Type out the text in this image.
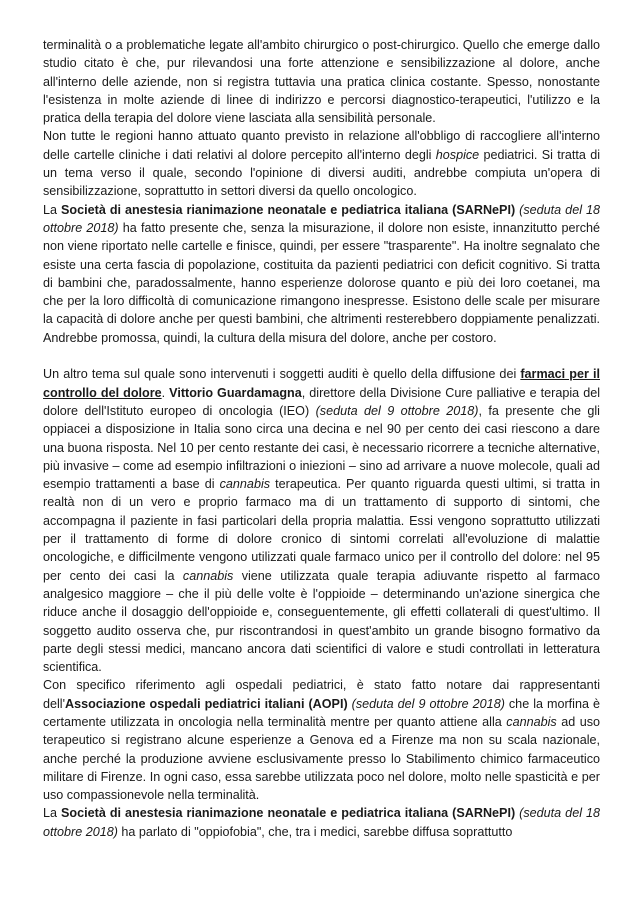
terminalità o a problematiche legate all'ambito chirurgico o post-chirurgico. Quello che emerge dallo studio citato è che, pur rilevandosi una forte attenzione e sensibilizzazione al dolore, anche all'interno delle aziende, non si registra tuttavia una pratica clinica costante. Spesso, nonostante l'esistenza in molte aziende di linee di indirizzo e percorsi diagnostico-terapeutici, l'utilizzo e la pratica della terapia del dolore viene lasciata alla sensibilità personale.

Non tutte le regioni hanno attuato quanto previsto in relazione all'obbligo di raccogliere all'interno delle cartelle cliniche i dati relativi al dolore percepito all'interno degli hospice pediatrici. Si tratta di un tema verso il quale, secondo l'opinione di diversi auditi, andrebbe compiuta un'opera di sensibilizzazione, soprattutto in settori diversi da quello oncologico.

La Società di anestesia rianimazione neonatale e pediatrica italiana (SARNePI) (seduta del 18 ottobre 2018) ha fatto presente che, senza la misurazione, il dolore non esiste, innanzitutto perché non viene riportato nelle cartelle e finisce, quindi, per essere "trasparente". Ha inoltre segnalato che esiste una certa fascia di popolazione, costituita da pazienti pediatrici con deficit cognitivo. Si tratta di bambini che, paradossalmente, hanno esperienze dolorose quanto e più dei loro coetanei, ma che per la loro difficoltà di comunicazione rimangono inespresse. Esistono delle scale per misurare la capacità di dolore anche per questi bambini, che altrimenti resterebbero doppiamente penalizzati. Andrebbe promossa, quindi, la cultura della misura del dolore, anche per costoro.

Un altro tema sul quale sono intervenuti i soggetti auditi è quello della diffusione dei farmaci per il controllo del dolore. Vittorio Guardamagna, direttore della Divisione Cure palliative e terapia del dolore dell'Istituto europeo di oncologia (IEO) (seduta del 9 ottobre 2018), fa presente che gli oppiacei a disposizione in Italia sono circa una decina e nel 90 per cento dei casi riescono a dare una buona risposta. Nel 10 per cento restante dei casi, è necessario ricorrere a tecniche alternative, più invasive – come ad esempio infiltrazioni o iniezioni – sino ad arrivare a nuove molecole, quali ad esempio trattamenti a base di cannabis terapeutica. Per quanto riguarda questi ultimi, si tratta in realtà non di un vero e proprio farmaco ma di un trattamento di supporto di sintomi, che accompagna il paziente in fasi particolari della propria malattia. Essi vengono soprattutto utilizzati per il trattamento di forme di dolore cronico di sintomi correlati all'evoluzione di malattie oncologiche, e difficilmente vengono utilizzati quale farmaco unico per il controllo del dolore: nel 95 per cento dei casi la cannabis viene utilizzata quale terapia adiuvante rispetto al farmaco analgesico maggiore – che il più delle volte è l'oppioide – determinando un'azione sinergica che riduce anche il dosaggio dell'oppioide e, conseguentemente, gli effetti collaterali di quest'ultimo. Il soggetto audito osserva che, pur riscontrandosi in quest'ambito un grande bisogno formativo da parte degli stessi medici, mancano ancora dati scientifici di valore e studi controllati in letteratura scientifica.

Con specifico riferimento agli ospedali pediatrici, è stato fatto notare dai rappresentanti dell'Associazione ospedali pediatrici italiani (AOPI) (seduta del 9 ottobre 2018) che la morfina è certamente utilizzata in oncologia nella terminalità mentre per quanto attiene alla cannabis ad uso terapeutico si registrano alcune esperienze a Genova ed a Firenze ma non su scala nazionale, anche perché la produzione avviene esclusivamente presso lo Stabilimento chimico farmaceutico militare di Firenze. In ogni caso, essa sarebbe utilizzata poco nel dolore, molto nelle spasticità e per uso compassionevole nella terminalità.

La Società di anestesia rianimazione neonatale e pediatrica italiana (SARNePI) (seduta del 18 ottobre 2018) ha parlato di "oppiofobia", che, tra i medici, sarebbe diffusa soprattutto
